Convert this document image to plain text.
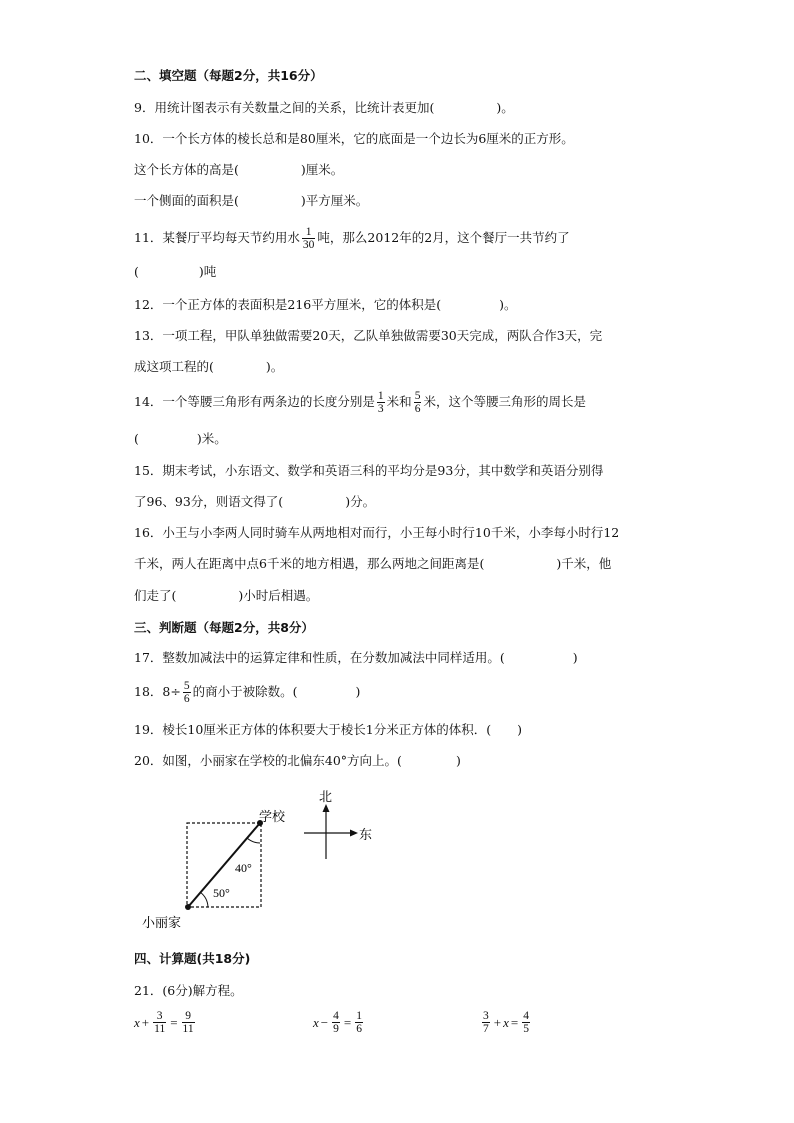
二、填空题（每题2分，共16分）
9．用统计图表示有关数量之间的关系，比统计表更加(	)。
10．一个长方体的棱长总和是80厘米，它的底面是一个边长为6厘米的正方形。
这个长方体的高是(	)厘米。
一个侧面的面积是(	)平方厘米。
11．某餐厅平均每天节约用水 $\frac{1}{30}$ 吨，那么2012年的2月，这个餐厅一共节约了
(	)吨
12．一个正方体的表面积是216平方厘米，它的体积是(	)。
13．一项工程，甲队单独做需要20天，乙队单独做需要30天完成，两队合作3天，完
成这项工程的(	)。
14．一个等腰三角形有两条边的长度分别是 $\frac{1}{3}$ 米和 $\frac{5}{6}$ 米，这个等腰三角形的周长是
(	)米。
15．期末考试，小东语文、数学和英语三科的平均分是93分，其中数学和英语分别得
了96、93分，则语文得了(	)分。
16．小王与小李两人同时骑车从两地相对而行，小王每小时行10千米，小李每小时行12
千米，两人在距离中点6千米的地方相遇，那么两地之间距离是(	)千米，他
们走了(	)小时后相遇。
三、判断题（每题2分，共8分）
17．整数加减法中的运算定律和性质，在分数加减法中同样适用。(	)
18．$8\div \frac{5}{6}$ 的商小于被除数。(	)
19．棱长10厘米正方体的体积要大于棱长1分米正方体的体积．( )
20．如图，小丽家在学校的北偏东40°方向上。(	)
40°
50°
学校
小丽家
北
东
四、计算题(共18分)
21．(6分)解方程。
$x + \frac{3}{11} = \frac{9}{11}$	$x - \frac{4}{9} = \frac{1}{6}$	$\frac{3}{7} + x = \frac{4}{5}$
